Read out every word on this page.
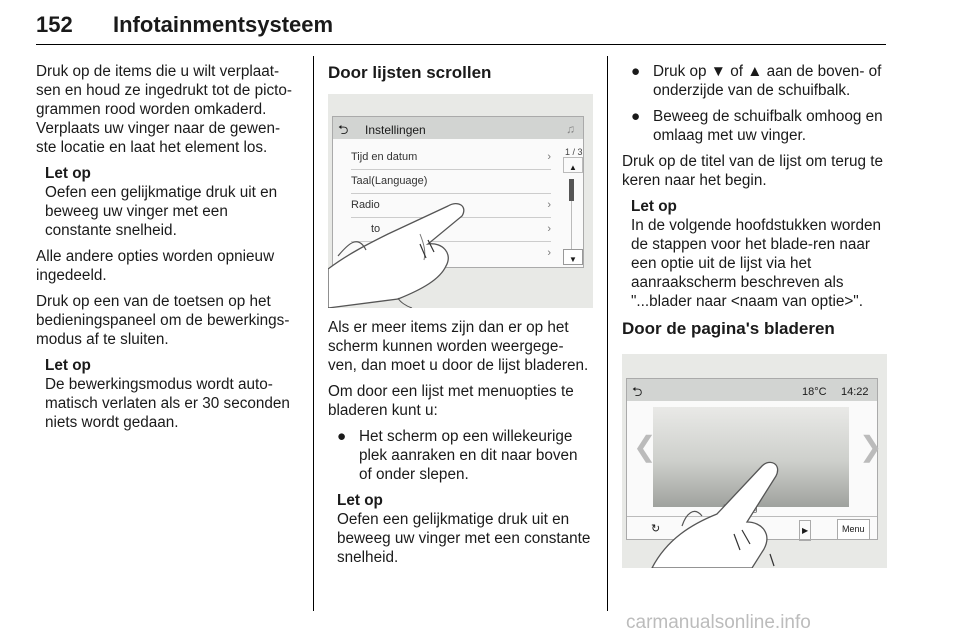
152 Infotainmentsysteem

Druk op de items die u wilt verplaat-sen en houd ze ingedrukt tot de picto-grammen rood worden omkaderd. Verplaats uw vinger naar de gewen-ste locatie en laat het element los.

Let op
Oefen een gelijkmatige druk uit en beweeg uw vinger met een constante snelheid.

Alle andere opties worden opnieuw ingedeeld.

Druk op een van de toetsen op het bedieningspaneel om de bewerkings-modus af te sluiten.

Let op
De bewerkingsmodus wordt auto-matisch verlaten als er 30 seconden niets wordt gedaan.
Door lijsten scrollen
⮌ Instellingen	♫
Tijd en datum	›
Taal(Language)
Radio	›
to	›
›
1 / 3
▲
▼

Als er meer items zijn dan er op het scherm kunnen worden weergege-ven, dan moet u door de lijst bladeren.

Om door een lijst met menuopties te bladeren kunt u:

● Het scherm op een willekeurige plek aanraken en dit naar boven of onder slepen.
Let op
Oefen een gelijkmatige druk uit en beweeg uw vinger met een constante snelheid.
● Druk op ▼ of ▲ aan de boven- of onderzijde van de schuifbalk.
● Beweeg de schuifbalk omhoog en omlaag met uw vinger.

Druk op de titel van de lijst om terug te keren naar het begin.

Let op
In de volgende hoofdstukken worden de stappen voor het blade-ren naar een optie uit de lijst via het aanraakscherm beschreven als "...blader naar <naam van optie>".
Door de pagina's bladeren
⮌	18°C 14:22
❮	❯
↻	▶	Menu
carmanualsonline.info
